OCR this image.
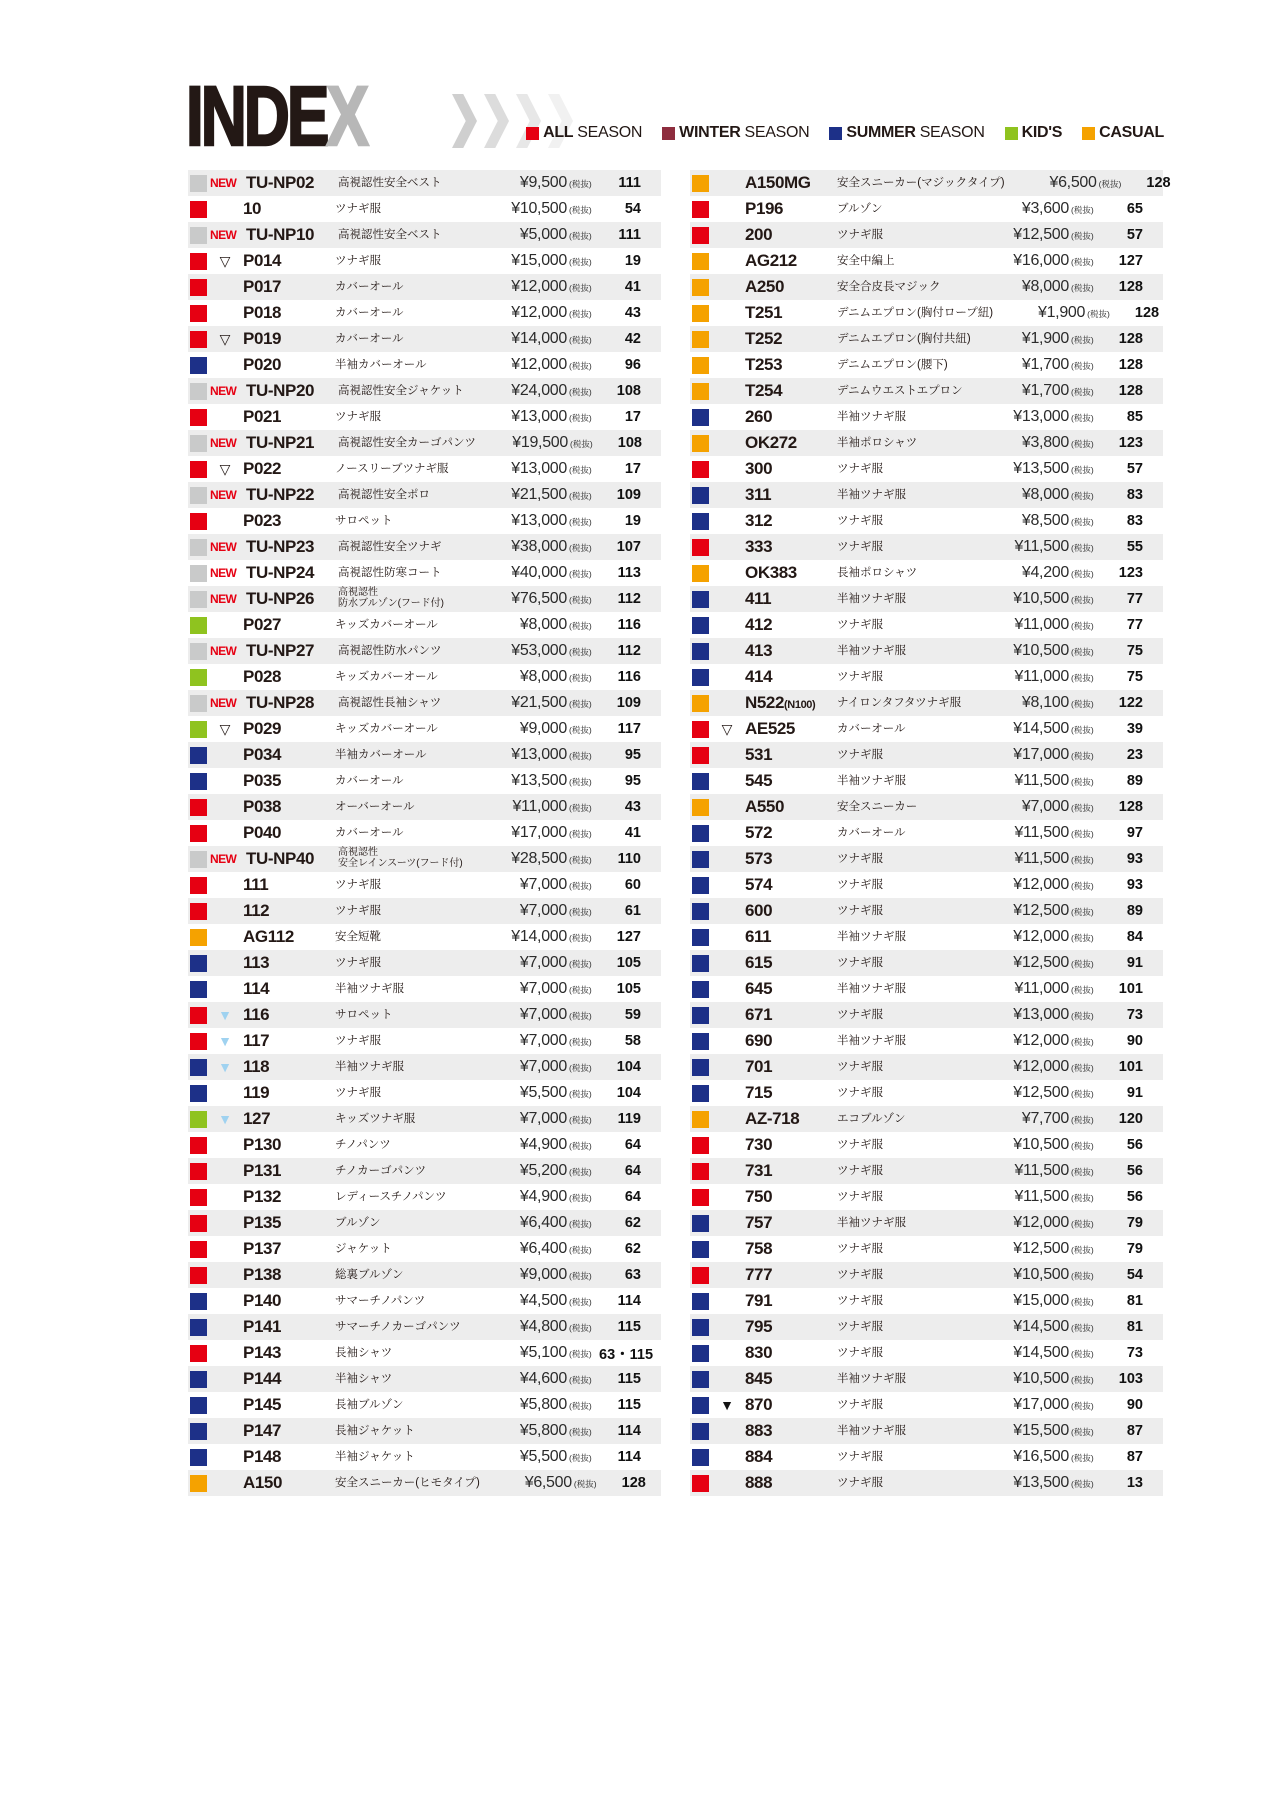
INDEX	ALL SEASON WINTER SEASON SUMMER SEASON KID'S CASUAL
NEW TU-NP02	高視認性安全ベスト	¥9,500 (税抜)	111
10	ツナギ服	¥10,500 (税抜)	54
NEW TU-NP10	高視認性安全ベスト	¥5,000 (税抜)	111
▽ P014	ツナギ服	¥15,000 (税抜)	19
P017	カバーオール	¥12,000 (税抜)	41
P018	カバーオール	¥12,000 (税抜)	43
▽ P019	カバーオール	¥14,000 (税抜)	42
P020	半袖カバーオール	¥12,000 (税抜)	96
NEW TU-NP20	高視認性安全ジャケット	¥24,000 (税抜)	108
P021	ツナギ服	¥13,000 (税抜)	17
NEW TU-NP21	高視認性安全カーゴパンツ	¥19,500 (税抜)	108
▽ P022	ノースリーブツナギ服	¥13,000 (税抜)	17
NEW TU-NP22	高視認性安全ポロ	¥21,500 (税抜)	109
P023	サロペット	¥13,000 (税抜)	19
NEW TU-NP23	高視認性安全ツナギ	¥38,000 (税抜)	107
NEW TU-NP24	高視認性防寒コート	¥40,000 (税抜)	113
NEW TU-NP26	高視認性
防水ブルゾン(フード付)	¥76,500 (税抜)	112
P027	キッズカバーオール	¥8,000 (税抜)	116
NEW TU-NP27	高視認性防水パンツ	¥53,000 (税抜)	112
P028	キッズカバーオール	¥8,000 (税抜)	116
NEW TU-NP28	高視認性長袖シャツ	¥21,500 (税抜)	109
▽ P029	キッズカバーオール	¥9,000 (税抜)	117
P034	半袖カバーオール	¥13,000 (税抜)	95
P035	カバーオール	¥13,500 (税抜)	95
P038	オーバーオール	¥11,000 (税抜)	43
P040	カバーオール	¥17,000 (税抜)	41
NEW TU-NP40	高視認性
安全レインスーツ(フード付)	¥28,500 (税抜)	110
111	ツナギ服	¥7,000 (税抜)	60
112	ツナギ服	¥7,000 (税抜)	61
AG112	安全短靴	¥14,000 (税抜)	127
113	ツナギ服	¥7,000 (税抜)	105
114	半袖ツナギ服	¥7,000 (税抜)	105
▼ 116	サロペット	¥7,000 (税抜)	59
▼ 117	ツナギ服	¥7,000 (税抜)	58
▼ 118	半袖ツナギ服	¥7,000 (税抜)	104
119	ツナギ服	¥5,500 (税抜)	104
▼ 127	キッズツナギ服	¥7,000 (税抜)	119
P130	チノパンツ	¥4,900 (税抜)	64
P131	チノカーゴパンツ	¥5,200 (税抜)	64
P132	レディースチノパンツ	¥4,900 (税抜)	64
P135	ブルゾン	¥6,400 (税抜)	62
P137	ジャケット	¥6,400 (税抜)	62
P138	総裏ブルゾン	¥9,000 (税抜)	63
P140	サマーチノパンツ	¥4,500 (税抜)	114
P141	サマーチノカーゴパンツ	¥4,800 (税抜)	115
P143	長袖シャツ	¥5,100 (税抜) 63・115
P144	半袖シャツ	¥4,600 (税抜)	115
P145	長袖ブルゾン	¥5,800 (税抜)	115
P147	長袖ジャケット	¥5,800 (税抜)	114
P148	半袖ジャケット	¥5,500 (税抜)	114
A150	安全スニーカー(ヒモタイプ)	¥6,500 (税抜)	128
A150MG	安全スニーカー(マジックタイプ)	¥6,500 (税抜)	128
P196	ブルゾン	¥3,600 (税抜)	65
200	ツナギ服	¥12,500 (税抜)	57
AG212	安全中編上	¥16,000 (税抜)	127
A250	安全合皮長マジック	¥8,000 (税抜)	128
T251	デニムエプロン(胸付ロープ紐)	¥1,900 (税抜)	128
T252	デニムエプロン(胸付共紐)	¥1,900 (税抜)	128
T253	デニムエプロン(腰下)	¥1,700 (税抜)	128
T254	デニムウエストエプロン	¥1,700 (税抜)	128
260	半袖ツナギ服	¥13,000 (税抜)	85
OK272	半袖ポロシャツ	¥3,800 (税抜)	123
300	ツナギ服	¥13,500 (税抜)	57
311	半袖ツナギ服	¥8,000 (税抜)	83
312	ツナギ服	¥8,500 (税抜)	83
333	ツナギ服	¥11,500 (税抜)	55
OK383	長袖ポロシャツ	¥4,200 (税抜)	123
411	半袖ツナギ服	¥10,500 (税抜)	77
412	ツナギ服	¥11,000 (税抜)	77
413	半袖ツナギ服	¥10,500 (税抜)	75
414	ツナギ服	¥11,000 (税抜)	75
N522(N100)	ナイロンタフタツナギ服	¥8,100 (税抜)	122
▽ AE525	カバーオール	¥14,500 (税抜)	39
531	ツナギ服	¥17,000 (税抜)	23
545	半袖ツナギ服	¥11,500 (税抜)	89
A550	安全スニーカー	¥7,000 (税抜)	128
572	カバーオール	¥11,500 (税抜)	97
573	ツナギ服	¥11,500 (税抜)	93
574	ツナギ服	¥12,000 (税抜)	93
600	ツナギ服	¥12,500 (税抜)	89
611	半袖ツナギ服	¥12,000 (税抜)	84
615	ツナギ服	¥12,500 (税抜)	91
645	半袖ツナギ服	¥11,000 (税抜)	101
671	ツナギ服	¥13,000 (税抜)	73
690	半袖ツナギ服	¥12,000 (税抜)	90
701	ツナギ服	¥12,000 (税抜)	101
715	ツナギ服	¥12,500 (税抜)	91
AZ-718	エコブルゾン	¥7,700 (税抜)	120
730	ツナギ服	¥10,500 (税抜)	56
731	ツナギ服	¥11,500 (税抜)	56
750	ツナギ服	¥11,500 (税抜)	56
757	半袖ツナギ服	¥12,000 (税抜)	79
758	ツナギ服	¥12,500 (税抜)	79
777	ツナギ服	¥10,500 (税抜)	54
791	ツナギ服	¥15,000 (税抜)	81
795	ツナギ服	¥14,500 (税抜)	81
830	ツナギ服	¥14,500 (税抜)	73
845	半袖ツナギ服	¥10,500 (税抜)	103
▼ 870	ツナギ服	¥17,000 (税抜)	90
883	半袖ツナギ服	¥15,500 (税抜)	87
884	ツナギ服	¥16,500 (税抜)	87
888	ツナギ服	¥13,500 (税抜)	13
